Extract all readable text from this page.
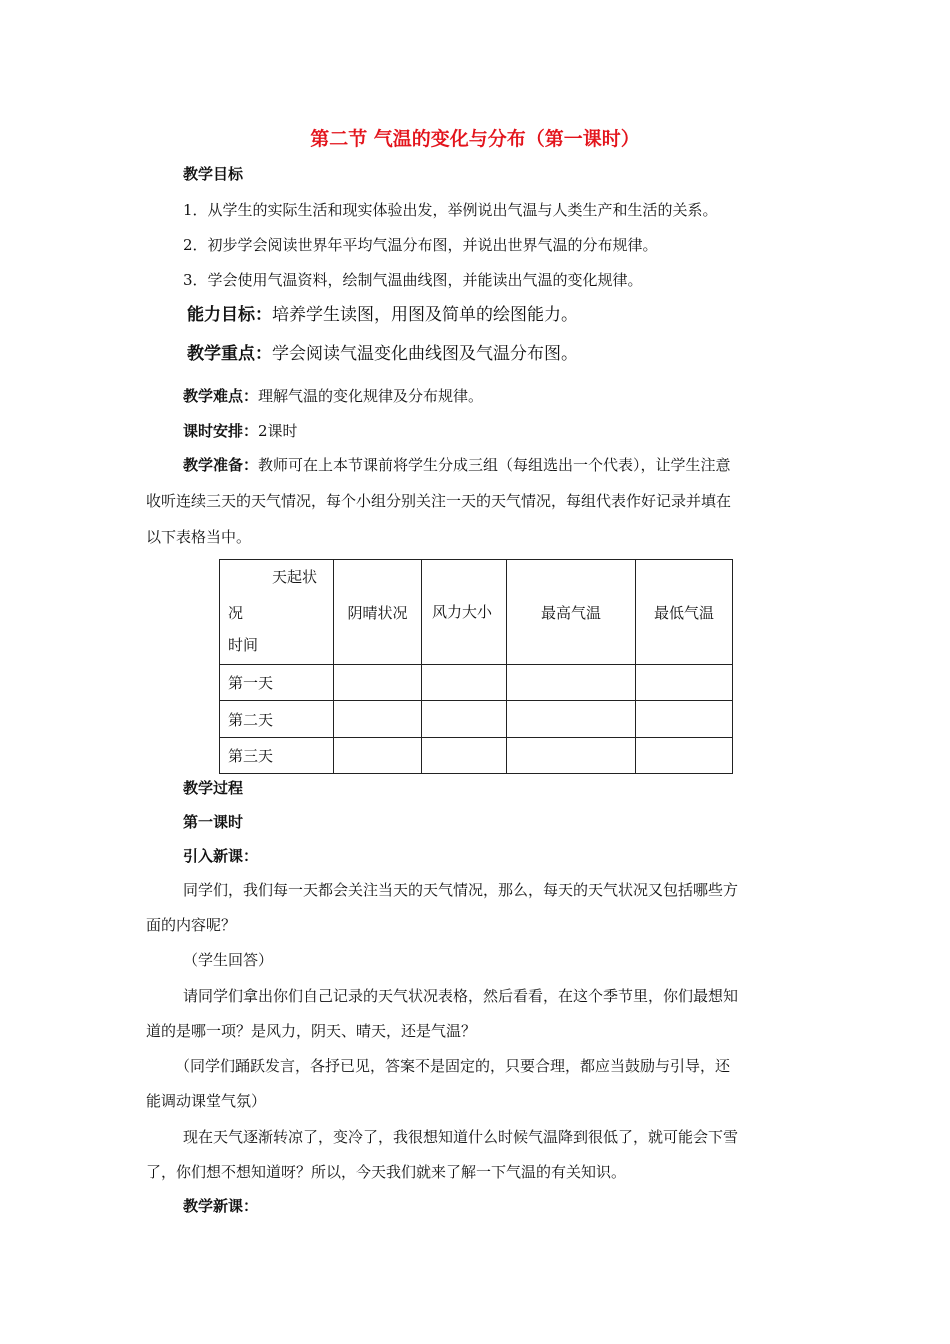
第二节 气温的变化与分布（第一课时）
教学目标
1．从学生的实际生活和现实体验出发，举例说出气温与人类生产和生活的关系。
2．初步学会阅读世界年平均气温分布图，并说出世界气温的分布规律。
3．学会使用气温资料，绘制气温曲线图，并能读出气温的变化规律。
能力目标：培养学生读图，用图及简单的绘图能力。
教学重点：学会阅读气温变化曲线图及气温分布图。
教学难点：理解气温的变化规律及分布规律。
课时安排：2课时
教学准备：教师可在上本节课前将学生分成三组（每组选出一个代表），让学生注意
收听连续三天的天气情况，每个小组分别关注一天的天气情况，每组代表作好记录并填在
以下表格当中。
天起状
况
时间	阴晴状况	风力大小	最高气温	最低气温
第一天				
第二天				
第三天				
教学过程
第一课时
引入新课：
同学们，我们每一天都会关注当天的天气情况，那么，每天的天气状况又包括哪些方
面的内容呢？
（学生回答）
请同学们拿出你们自己记录的天气状况表格，然后看看，在这个季节里，你们最想知
道的是哪一项？是风力，阴天、晴天，还是气温？
（同学们踊跃发言，各抒已见，答案不是固定的，只要合理，都应当鼓励与引导，还
能调动课堂气氛）
现在天气逐渐转凉了，变冷了，我很想知道什么时候气温降到很低了，就可能会下雪
了，你们想不想知道呀？所以，今天我们就来了解一下气温的有关知识。
教学新课：
